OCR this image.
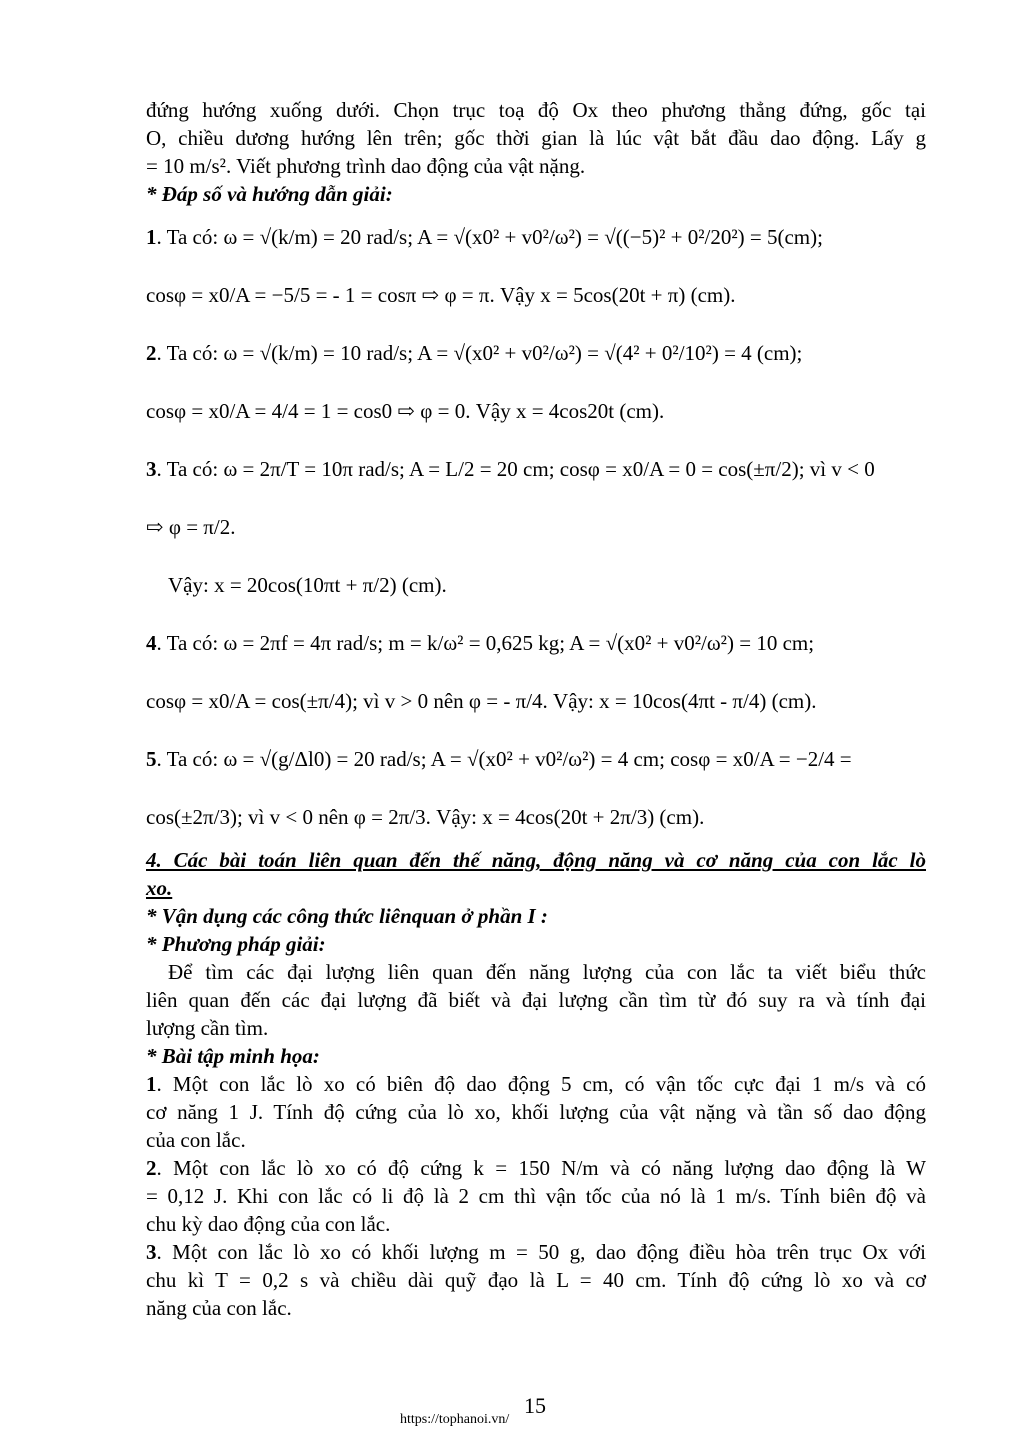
đứng hướng xuống dưới. Chọn trục toạ độ Ox theo phương thẳng đứng, gốc tại
O, chiều dương hướng lên trên; gốc thời gian là lúc vật bắt đầu dao động. Lấy g
= 10 m/s². Viết phương trình dao động của vật nặng.
* Đáp số và hướng dẫn giải:
1 . Ta có: ω = √(k/m) = 20 rad/s; A = √(x0² + v0²/ω²) = √((−5)² + 0²/20²) = 5(cm);
cosφ = x0/A = −5/5 = - 1 = cosπ ⇨ φ = π. Vậy x = 5cos(20t + π) (cm).
2 . Ta có: ω = √(k/m) = 10 rad/s; A = √(x0² + v0²/ω²) = √(4² + 0²/10²) = 4 (cm);
cosφ = x0/A = 4/4 = 1 = cos0 ⇨ φ = 0. Vậy x = 4cos20t (cm).
3 . Ta có: ω = 2π/T = 10π rad/s; A = L/2 = 20 cm; cosφ = x0/A = 0 = cos(±π/2); vì v < 0
⇨ φ = π/2.
Vậy: x = 20cos(10πt + π/2) (cm).
4 . Ta có: ω = 2πf = 4π rad/s; m = k/ω² = 0,625 kg; A = √(x0² + v0²/ω²) = 10 cm;
cosφ = x0/A = cos(±π/4); vì v > 0 nên φ = - π/4. Vậy: x = 10cos(4πt - π/4) (cm).
5 . Ta có: ω = √(g/Δl0) = 20 rad/s; A = √(x0² + v0²/ω²) = 4 cm; cosφ = x0/A = −2/4 =
cos(±2π/3); vì v < 0 nên φ = 2π/3. Vậy: x = 4cos(20t + 2π/3) (cm).
4. Các bài toán liên quan đến thế năng, động năng và cơ năng của con lắc lò
xo.
* Vận dụng các công thức liênquan ở phần I :
* Phương pháp giải:
Để tìm các đại lượng liên quan đến năng lượng của con lắc ta viết biểu thức
liên quan đến các đại lượng đã biết và đại lượng cần tìm từ đó suy ra và tính đại
lượng cần tìm.
* Bài tập minh họa:
1. Một con lắc lò xo có biên độ dao động 5 cm, có vận tốc cực đại 1 m/s và có
cơ năng 1 J. Tính độ cứng của lò xo, khối lượng của vật nặng và tần số dao động
của con lắc.
2. Một con lắc lò xo có độ cứng k = 150 N/m và có năng lượng dao động là W
= 0,12 J. Khi con lắc có li độ là 2 cm thì vận tốc của nó là 1 m/s. Tính biên độ và
chu kỳ dao động của con lắc.
3. Một con lắc lò xo có khối lượng m = 50 g, dao động điều hòa trên trục Ox với
chu kì T = 0,2 s và chiều dài quỹ đạo là L = 40 cm. Tính độ cứng lò xo và cơ
năng của con lắc.
15
https://tophanoi.vn/
